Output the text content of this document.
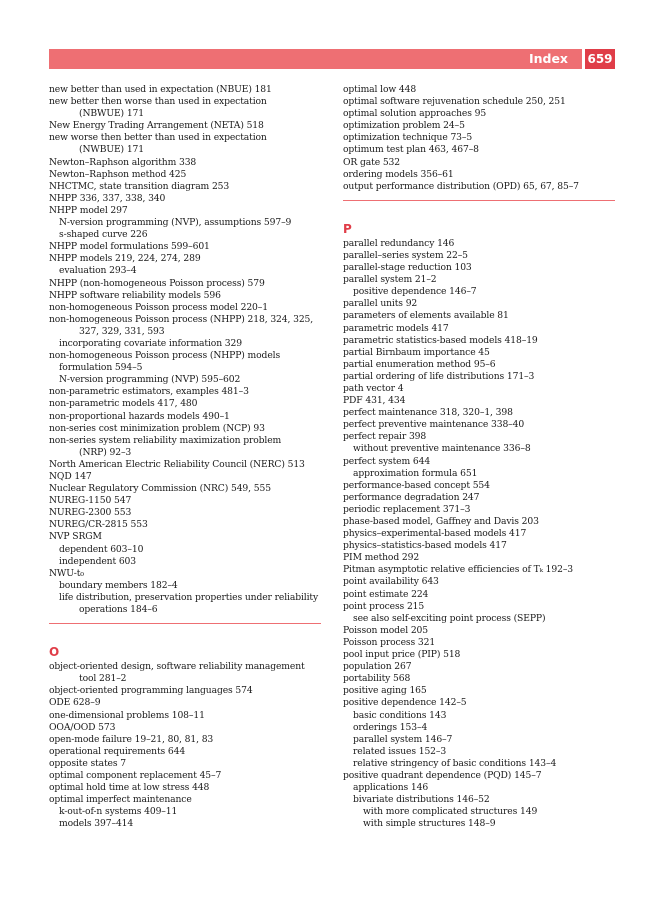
Index 659
new better than used in expectation (NBUE) 181
new better then worse than used in expectation
(NBWUE) 171
New Energy Trading Arrangement (NETA) 518
new worse then better than used in expectation
(NWBUE) 171
Newton–Raphson algorithm 338
Newton–Raphson method 425
NHCTMC, state transition diagram 253
NHPP 336, 337, 338, 340
NHPP model 297
N-version programming (NVP), assumptions 597–9
s-shaped curve 226
NHPP model formulations 599–601
NHPP models 219, 224, 274, 289
evaluation 293–4
NHPP (non-homogeneous Poisson process) 579
NHPP software reliability models 596
non-homogeneous Poisson process model 220–1
non-homogeneous Poisson process (NHPP) 218, 324, 325,
327, 329, 331, 593
incorporating covariate information 329
non-homogeneous Poisson process (NHPP) models
formulation 594–5
N-version programming (NVP) 595–602
non-parametric estimators, examples 481–3
non-parametric models 417, 480
non-proportional hazards models 490–1
non-series cost minimization problem (NCP) 93
non-series system reliability maximization problem
(NRP) 92–3
North American Electric Reliability Council (NERC) 513
NQD 147
Nuclear Regulatory Commission (NRC) 549, 555
NUREG-1150 547
NUREG-2300 553
NUREG/CR-2815 553
NVP SRGM
dependent 603–10
independent 603
NWU-t₀
boundary members 182–4
life distribution, preservation properties under reliability
operations 184–6
O
object-oriented design, software reliability management
tool 281–2
object-oriented programming languages 574
ODE 628–9
one-dimensional problems 108–11
OOA/OOD 573
open-mode failure 19–21, 80, 81, 83
operational requirements 644
opposite states 7
optimal component replacement 45–7
optimal hold time at low stress 448
optimal imperfect maintenance
k-out-of-n systems 409–11
models 397–414
optimal low 448
optimal software rejuvenation schedule 250, 251
optimal solution approaches 95
optimization problem 24–5
optimization technique 73–5
optimum test plan 463, 467–8
OR gate 532
ordering models 356–61
output performance distribution (OPD) 65, 67, 85–7
P
parallel redundancy 146
parallel–series system 22–5
parallel-stage reduction 103
parallel system 21–2
positive dependence 146–7
parallel units 92
parameters of elements available 81
parametric models 417
parametric statistics-based models 418–19
partial Birnbaum importance 45
partial enumeration method 95–6
partial ordering of life distributions 171–3
path vector 4
PDF 431, 434
perfect maintenance 318, 320–1, 398
perfect preventive maintenance 338–40
perfect repair 398
without preventive maintenance 336–8
perfect system 644
approximation formula 651
performance-based concept 554
performance degradation 247
periodic replacement 371–3
phase-based model, Gaffney and Davis 203
physics–experimental-based models 417
physics–statistics-based models 417
PIM method 292
Pitman asymptotic relative efficiencies of Tₖ 192–3
point availability 643
point estimate 224
point process 215
see also self-exciting point process (SEPP)
Poisson model 205
Poisson process 321
pool input price (PIP) 518
population 267
portability 568
positive aging 165
positive dependence 142–5
basic conditions 143
orderings 153–4
parallel system 146–7
related issues 152–3
relative stringency of basic conditions 143–4
positive quadrant dependence (PQD) 145–7
applications 146
bivariate distributions 146–52
with more complicated structures 149
with simple structures 148–9
